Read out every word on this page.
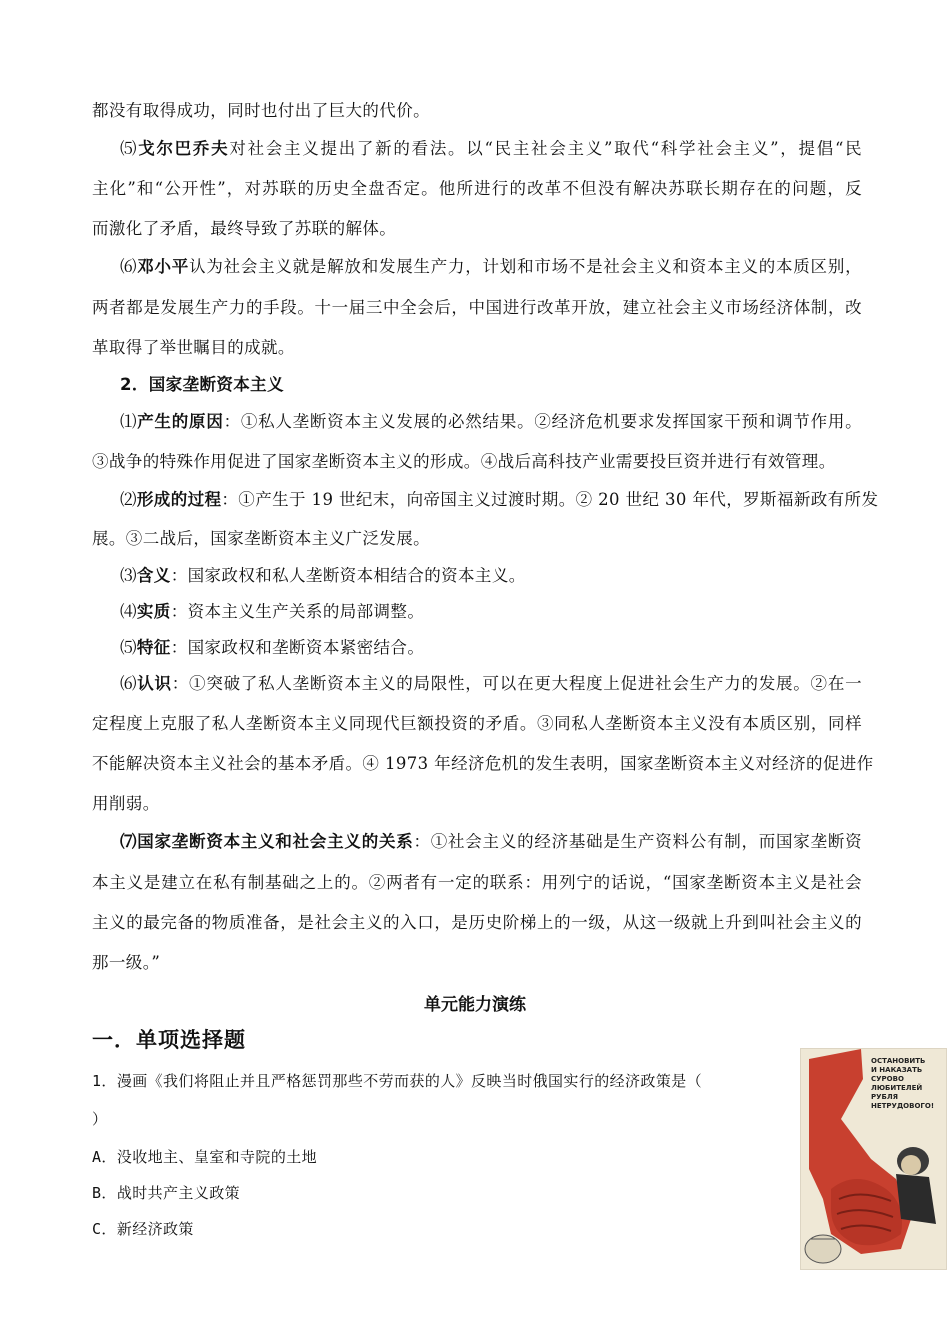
都没有取得成功，同时也付出了巨大的代价。
⑸戈尔巴乔夫对社会主义提出了新的看法。以“民主社会主义”取代“科学社会主义”，提倡“民
主化”和“公开性”，对苏联的历史全盘否定。他所进行的改革不但没有解决苏联长期存在的问题，反
而激化了矛盾，最终导致了苏联的解体。
⑹邓小平认为社会主义就是解放和发展生产力，计划和市场不是社会主义和资本主义的本质区别，
两者都是发展生产力的手段。十一届三中全会后，中国进行改革开放，建立社会主义市场经济体制，改
革取得了举世瞩目的成就。
2．国家垄断资本主义
⑴产生的原因：①私人垄断资本主义发展的必然结果。②经济危机要求发挥国家干预和调节作用。
③战争的特殊作用促进了国家垄断资本主义的形成。④战后高科技产业需要投巨资并进行有效管理。
⑵形成的过程：①产生于 19 世纪末，向帝国主义过渡时期。② 20 世纪 30 年代，罗斯福新政有所发
展。③二战后，国家垄断资本主义广泛发展。
⑶含义：国家政权和私人垄断资本相结合的资本主义。
⑷实质：资本主义生产关系的局部调整。
⑸特征：国家政权和垄断资本紧密结合。
⑹认识：①突破了私人垄断资本主义的局限性，可以在更大程度上促进社会生产力的发展。②在一
定程度上克服了私人垄断资本主义同现代巨额投资的矛盾。③同私人垄断资本主义没有本质区别，同样
不能解决资本主义社会的基本矛盾。④ 1973 年经济危机的发生表明，国家垄断资本主义对经济的促进作
用削弱。
⑺国家垄断资本主义和社会主义的关系：①社会主义的经济基础是生产资料公有制，而国家垄断资
本主义是建立在私有制基础之上的。②两者有一定的联系：用列宁的话说，“国家垄断资本主义是社会
主义的最完备的物质准备，是社会主义的入口，是历史阶梯上的一级，从这一级就上升到叫社会主义的
那一级。”
单元能力演练
一．单项选择题
1．漫画《我们将阻止并且严格惩罚那些不劳而获的人》反映当时俄国实行的经济政策是（
）
A．没收地主、皇室和寺院的土地
B．战时共产主义政策
C．新经济政策
ОСТАНОВИТЬ
И НАКАЗАТЬ
СУРОВО
ЛЮБИТЕЛЕЙ
РУБЛЯ
НЕТРУДОВОГО!
